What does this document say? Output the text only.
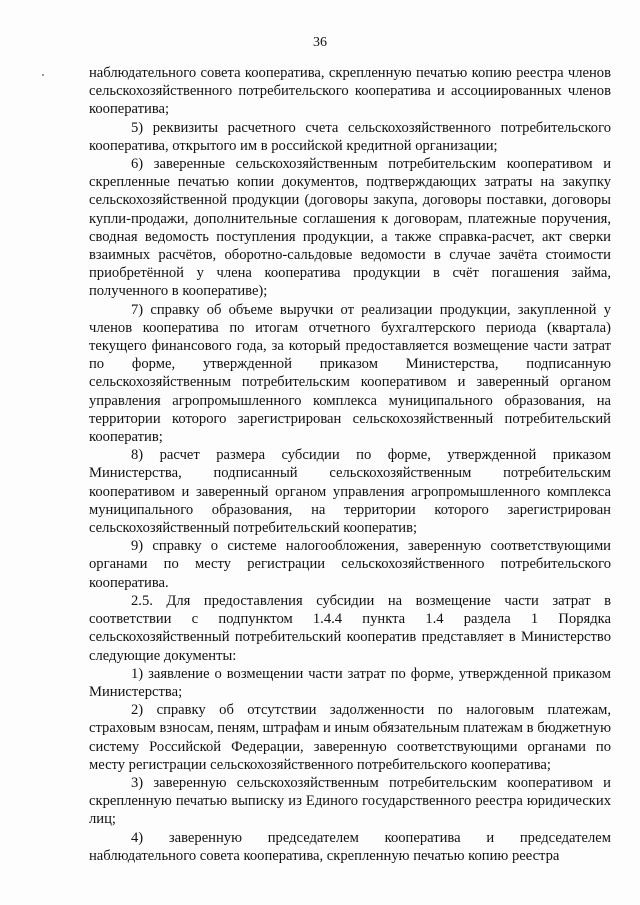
36

наблюдательного совета кооператива, скрепленную печатью копию реестра членов сельскохозяйственного потребительского кооператива и ассоциированных членов кооператива;

5) реквизиты расчетного счета сельскохозяйственного потребительского кооператива, открытого им в российской кредитной организации;

6) заверенные сельскохозяйственным потребительским кооперативом и скрепленные печатью копии документов, подтверждающих затраты на закупку сельскохозяйственной продукции (договоры закупа, договоры поставки, договоры купли-продажи, дополнительные соглашения к договорам, платежные поручения, сводная ведомость поступления продукции, а также справка-расчет, акт сверки взаимных расчётов, оборотно-сальдовые ведомости в случае зачёта стоимости приобретённой у члена кооператива продукции в счёт погашения займа, полученного в кооперативе);

7) справку об объеме выручки от реализации продукции, закупленной у членов кооператива по итогам отчетного бухгалтерского периода (квартала) текущего финансового года, за который предоставляется возмещение части затрат по форме, утвержденной приказом Министерства, подписанную сельскохозяйственным потребительским кооперативом и заверенный органом управления агропромышленного комплекса муниципального образования, на территории которого зарегистрирован сельскохозяйственный потребительский кооператив;

8) расчет размера субсидии по форме, утвержденной приказом Министерства, подписанный сельскохозяйственным потребительским кооперативом и заверенный органом управления агропромышленного комплекса муниципального образования, на территории которого зарегистрирован сельскохозяйственный потребительский кооператив;

9) справку о системе налогообложения, заверенную соответствующими органами по месту регистрации сельскохозяйственного потребительского кооператива.

2.5. Для предоставления субсидии на возмещение части затрат в соответствии с подпунктом 1.4.4 пункта 1.4 раздела 1 Порядка сельскохозяйственный потребительский кооператив представляет в Министерство следующие документы:

1) заявление о возмещении части затрат по форме, утвержденной приказом Министерства;

2) справку об отсутствии задолженности по налоговым платежам, страховым взносам, пеням, штрафам и иным обязательным платежам в бюджетную систему Российской Федерации, заверенную соответствующими органами по месту регистрации сельскохозяйственного потребительского кооператива;

3) заверенную сельскохозяйственным потребительским кооперативом и скрепленную печатью выписку из Единого государственного реестра юридических лиц;

4) заверенную председателем кооператива и председателем наблюдательного совета кооператива, скрепленную печатью копию реестра
